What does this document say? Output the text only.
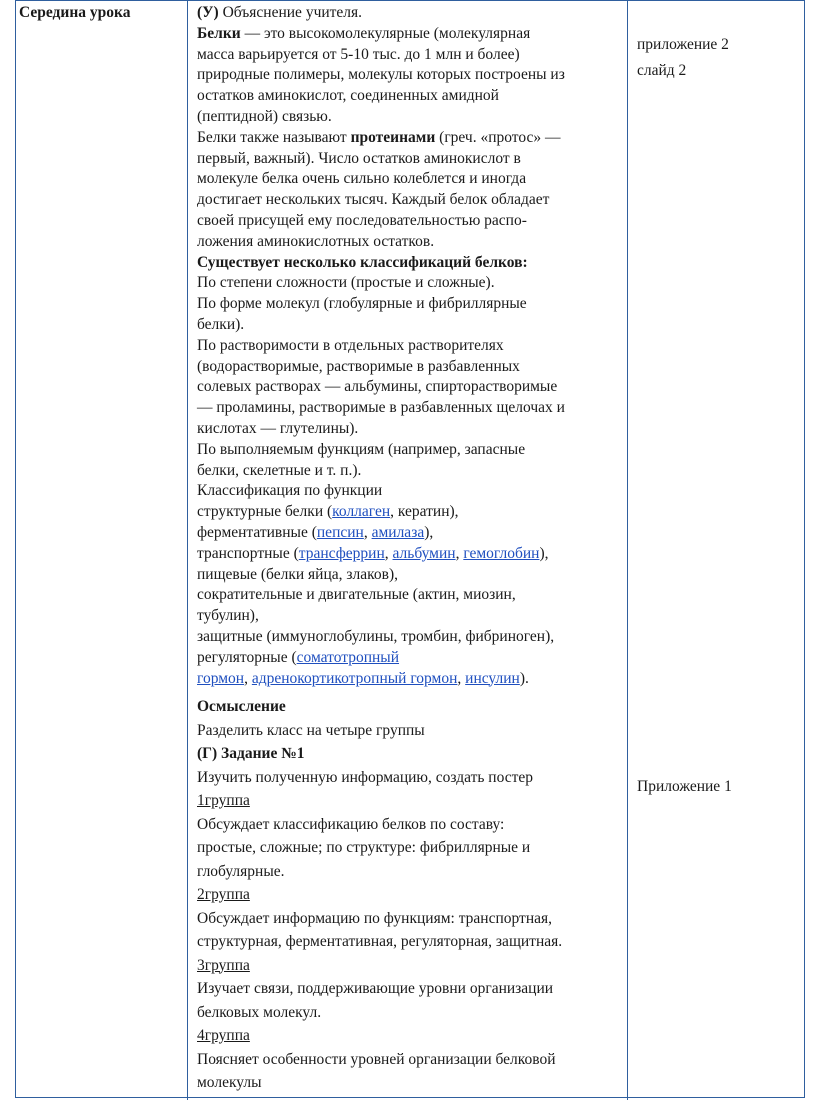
Середина урока	(У) Объяснение учителя.
Белки — это высокомолекулярные (молекулярная
масса варьируется от 5-10 тыс. до 1 млн и более)
природные полимеры, молекулы которых построены из
остатков аминокислот, соединенных амидной
(пептидной) связью.
Белки также называют протеинами (греч. «протос» —
первый, важный). Число остатков аминокислот в
молекуле белка очень сильно колеблется и иногда
достигает нескольких тысяч. Каждый белок обладает
своей присущей ему последовательностью распо-
ложения аминокислотных остатков.
Существует несколько классификаций белков:
По степени сложности (простые и сложные).
По форме молекул (глобулярные и фибриллярные
белки).
По растворимости в отдельных растворителях
(водорастворимые, растворимые в разбавленных
солевых растворах — альбумины, спирторастворимые
— проламины, растворимые в разбавленных щелочах и
кислотах — глутелины).
По выполняемым функциям (например, запасные
белки, скелетные и т. п.).
Классификация по функции
структурные белки (коллаген, кератин),
ферментативные (пепсин, амилаза),
транспортные (трансферрин, альбумин, гемоглобин),
пищевые (белки яйца, злаков),
сократительные и двигательные (актин, миозин,
тубулин),
защитные (иммуноглобулины, тромбин, фибриноген),
регуляторные (соматотропный
гормон, адренокортикотропный гормон, инсулин).
Осмысление
Разделить класс на четыре группы
(Г) Задание №1
Изучить полученную информацию, создать постер
1группа
Обсуждает классификацию белков по составу:
простые, сложные; по структуре: фибриллярные и
глобулярные.
2группа
Обсуждает информацию по функциям: транспортная,
структурная, ферментативная, регуляторная, защитная.
3группа
Изучает связи, поддерживающие уровни организации
белковых молекул.
4группа
Поясняет особенности уровней организации белковой
молекулы
приложение 2
слайд 2
Приложение 1
